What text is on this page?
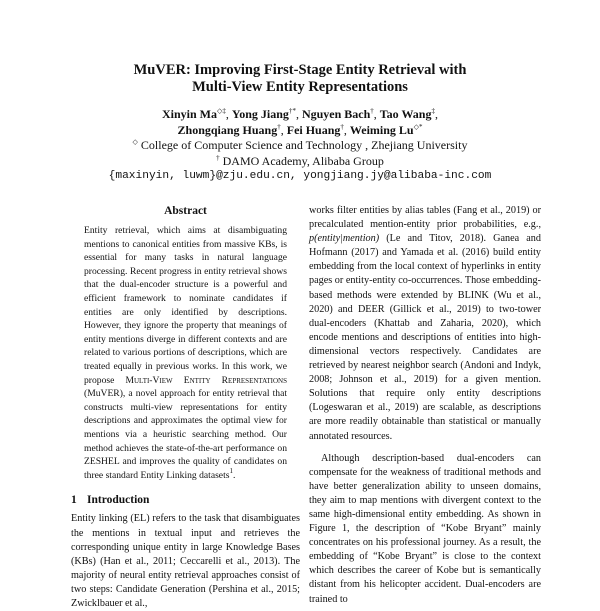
MuVER: Improving First-Stage Entity Retrieval with
Multi-View Entity Representations
Xinyin Ma◇‡, Yong Jiang†*, Nguyen Bach†, Tao Wang‡,
Zhongqiang Huang†, Fei Huang†, Weiming Lu◇*
◇ College of Computer Science and Technology , Zhejiang University
† DAMO Academy, Alibaba Group
{maxinyin, luwm}@zju.edu.cn, yongjiang.jy@alibaba-inc.com
Abstract
Entity retrieval, which aims at disambiguating mentions to canonical entities from massive KBs, is essential for many tasks in natural language processing. Recent progress in entity retrieval shows that the dual-encoder structure is a powerful and efficient framework to nominate candidates if entities are only identified by descriptions. However, they ignore the property that meanings of entity mentions diverge in different contexts and are related to various portions of descriptions, which are treated equally in previous works. In this work, we propose Multi-View Entity Representations (MuVER), a novel approach for entity retrieval that constructs multi-view representations for entity descriptions and approximates the optimal view for mentions via a heuristic searching method. Our method achieves the state-of-the-art performance on ZESHEL and improves the quality of candidates on three standard Entity Linking datasets$^1$.
1 Introduction

Entity linking (EL) refers to the task that disambiguates the mentions in textual input and retrieves the corresponding unique entity in large Knowledge Bases (KBs) (Han et al., 2011; Ceccarelli et al., 2013). The majority of neural entity retrieval approaches consist of two steps: Candidate Generation (Pershina et al., 2015; Zwicklbauer et al.,

works filter entities by alias tables (Fang et al., 2019) or precalculated mention-entity prior probabilities, e.g., p(entity|mention) (Le and Titov, 2018). Ganea and Hofmann (2017) and Yamada et al. (2016) build entity embedding from the local context of hyperlinks in entity pages or entity-entity co-occurrences. Those embedding-based methods were extended by BLINK (Wu et al., 2020) and DEER (Gillick et al., 2019) to two-tower dual-encoders (Khattab and Zaharia, 2020), which encode mentions and descriptions of entities into high-dimensional vectors respectively. Candidates are retrieved by nearest neighbor search (Andoni and Indyk, 2008; Johnson et al., 2019) for a given mention. Solutions that require only entity descriptions (Logeswaran et al., 2019) are scalable, as descriptions are more readily obtainable than statistical or manually annotated resources.

Although description-based dual-encoders can compensate for the weakness of traditional methods and have better generalization ability to unseen domains, they aim to map mentions with divergent context to the same high-dimensional entity embedding. As shown in Figure 1, the description of “Kobe Bryant” mainly concentrates on his professional journey. As a result, the embedding of “Kobe Bryant” is close to the context which describes the career of Kobe but is semantically distant from his helicopter accident. Dual-encoders are trained to
